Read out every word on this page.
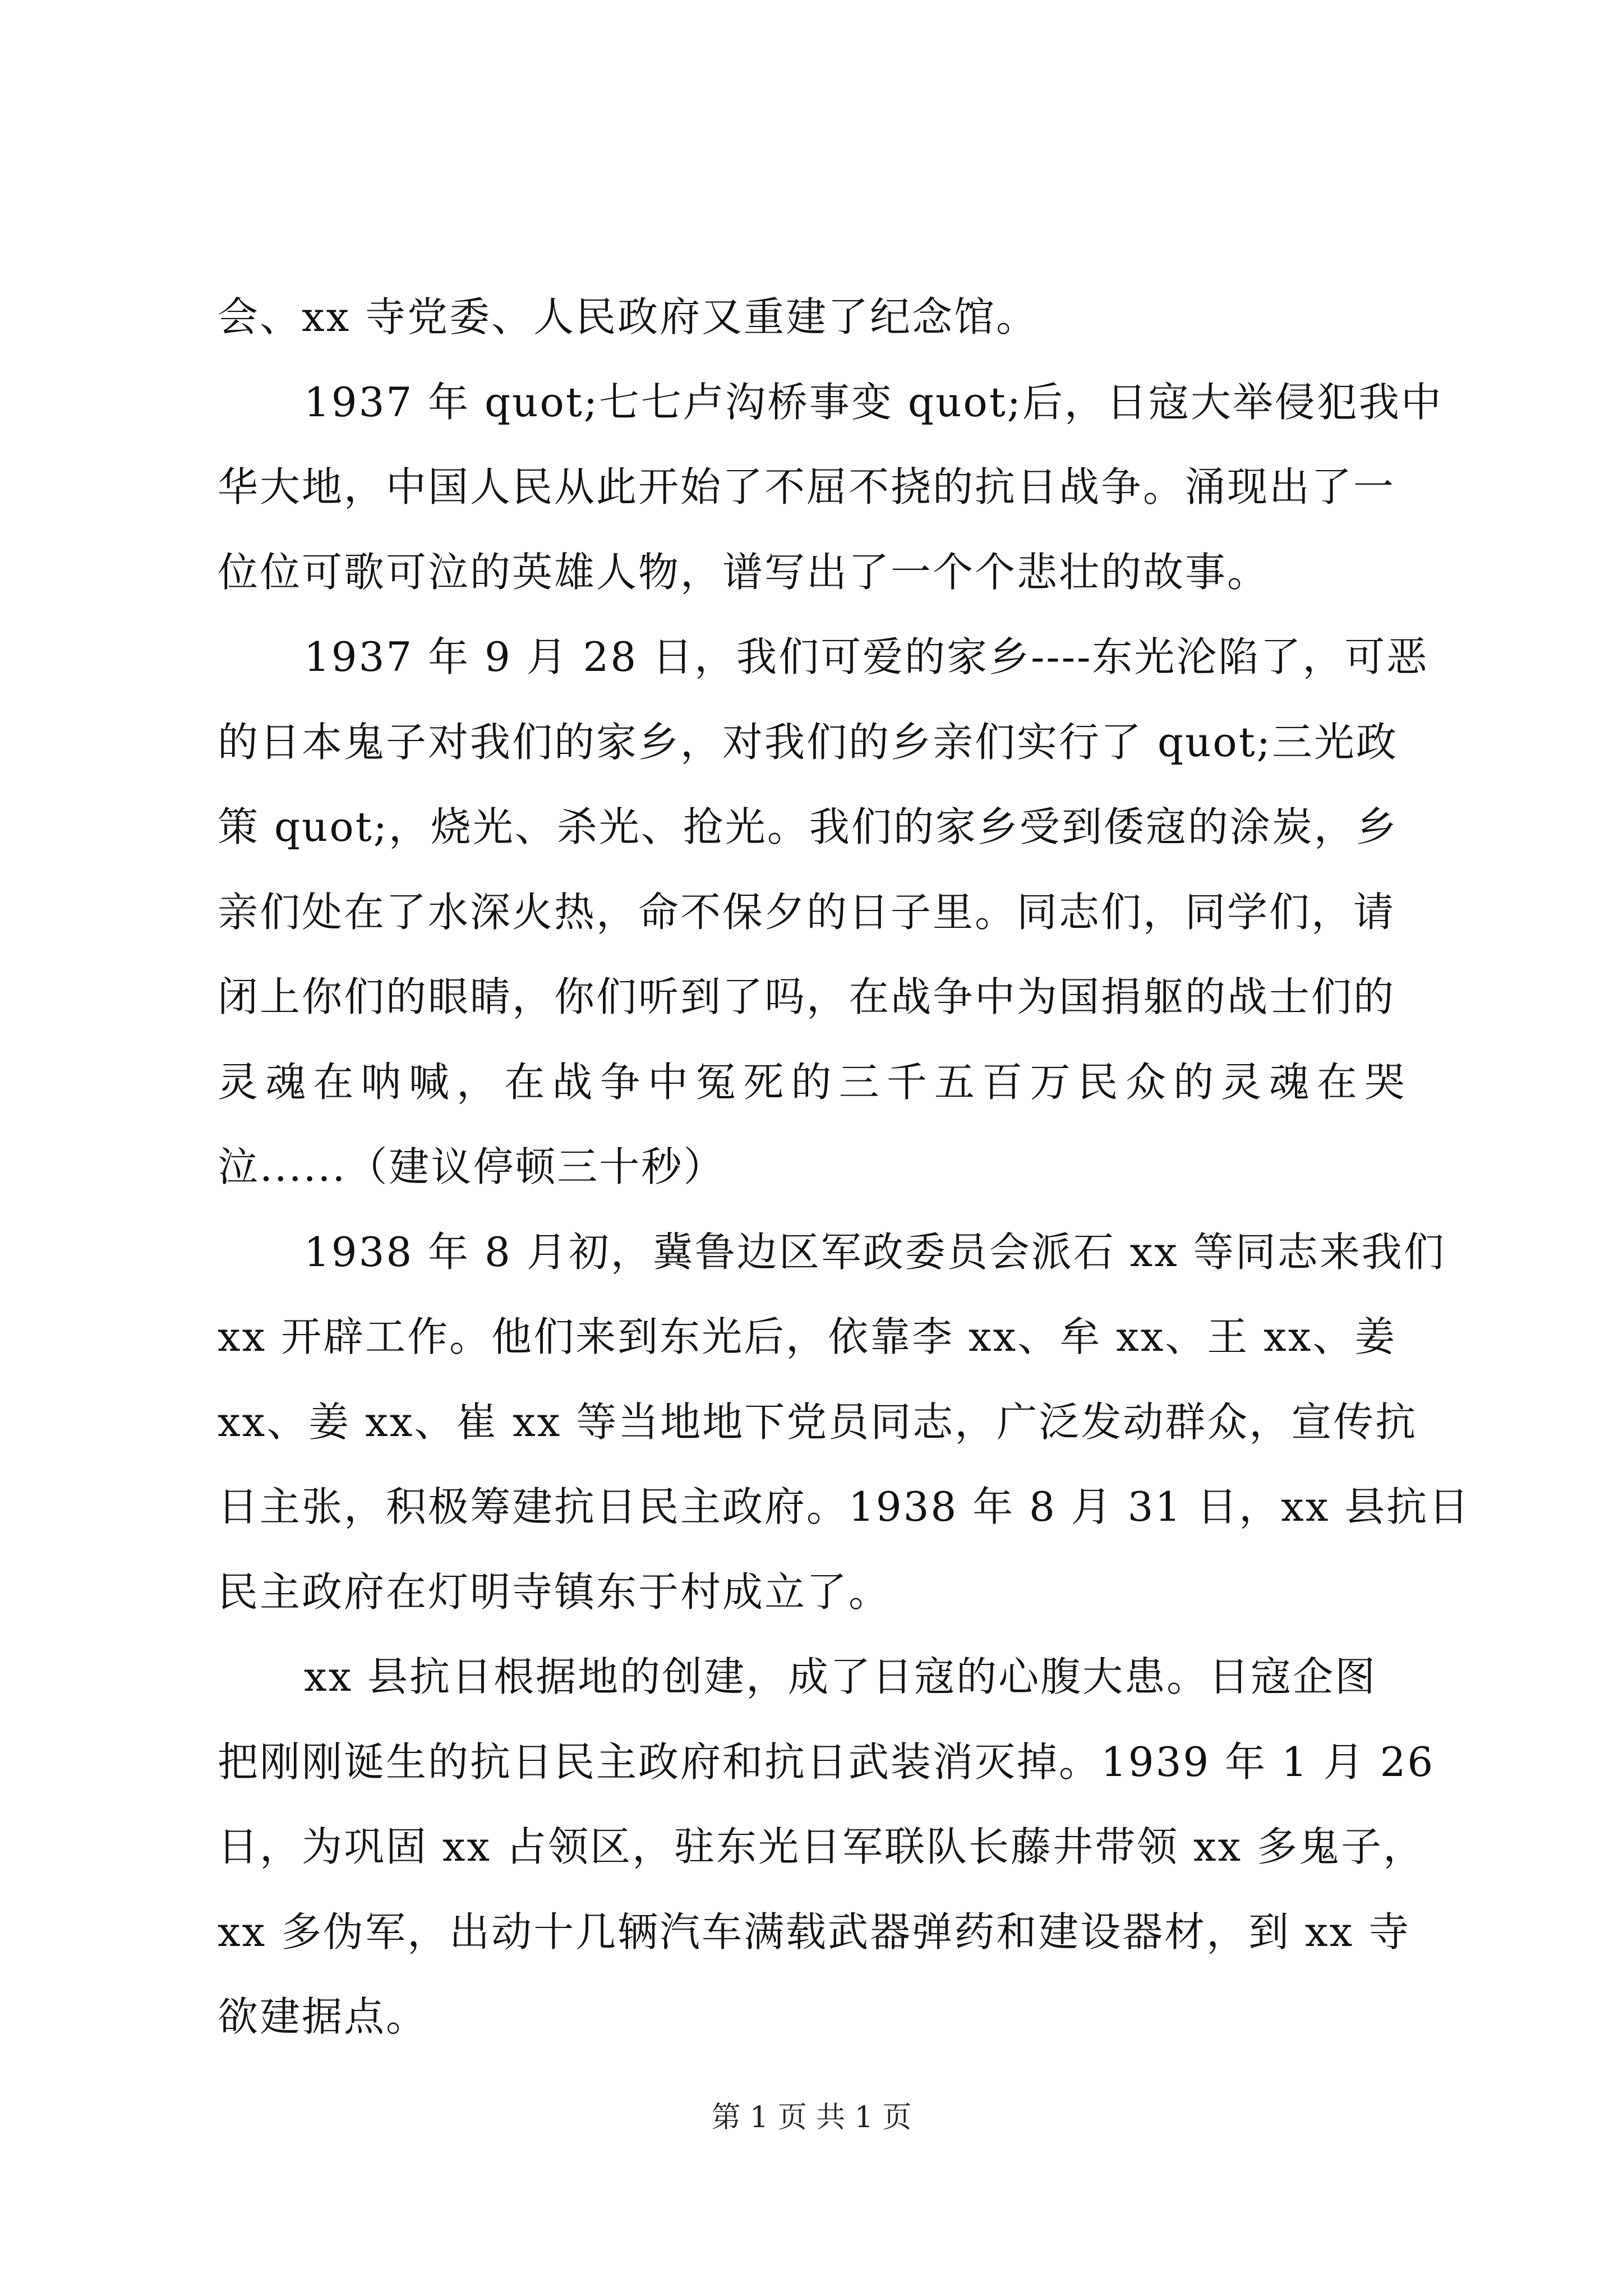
会、xx 寺党委、人民政府又重建了纪念馆。
1937 年 quot;七七卢沟桥事变 quot;后，日寇大举侵犯我中
华大地，中国人民从此开始了不屈不挠的抗日战争。涌现出了一
位位可歌可泣的英雄人物，谱写出了一个个悲壮的故事。
1937 年 9 月 28 日，我们可爱的家乡----东光沦陷了，可恶
的日本鬼子对我们的家乡，对我们的乡亲们实行了 quot;三光政
策 quot;，烧光、杀光、抢光。我们的家乡受到倭寇的涂炭，乡
亲们处在了水深火热，命不保夕的日子里。同志们，同学们，请
闭上你们的眼睛，你们听到了吗，在战争中为国捐躯的战士们的
灵 魂 在 呐 喊 ， 在 战 争 中 冤 死 的 三 千 五 百 万 民 众 的 灵 魂 在 哭
泣......（建议停顿三十秒）
1938 年 8 月初，冀鲁边区军政委员会派石 xx 等同志来我们
xx 开辟工作。他们来到东光后，依靠李 xx、牟 xx、王 xx、姜
xx、姜 xx、崔 xx 等当地地下党员同志，广泛发动群众，宣传抗
日主张，积极筹建抗日民主政府。1938 年 8 月 31 日，xx 县抗日
民主政府在灯明寺镇东于村成立了。
xx 县抗日根据地的创建，成了日寇的心腹大患。日寇企图
把刚刚诞生的抗日民主政府和抗日武装消灭掉。1939 年 1 月 26
日，为巩固 xx 占领区，驻东光日军联队长藤井带领 xx 多鬼子，
xx 多伪军，出动十几辆汽车满载武器弹药和建设器材，到 xx 寺
欲建据点。
第 1 页 共 1 页
